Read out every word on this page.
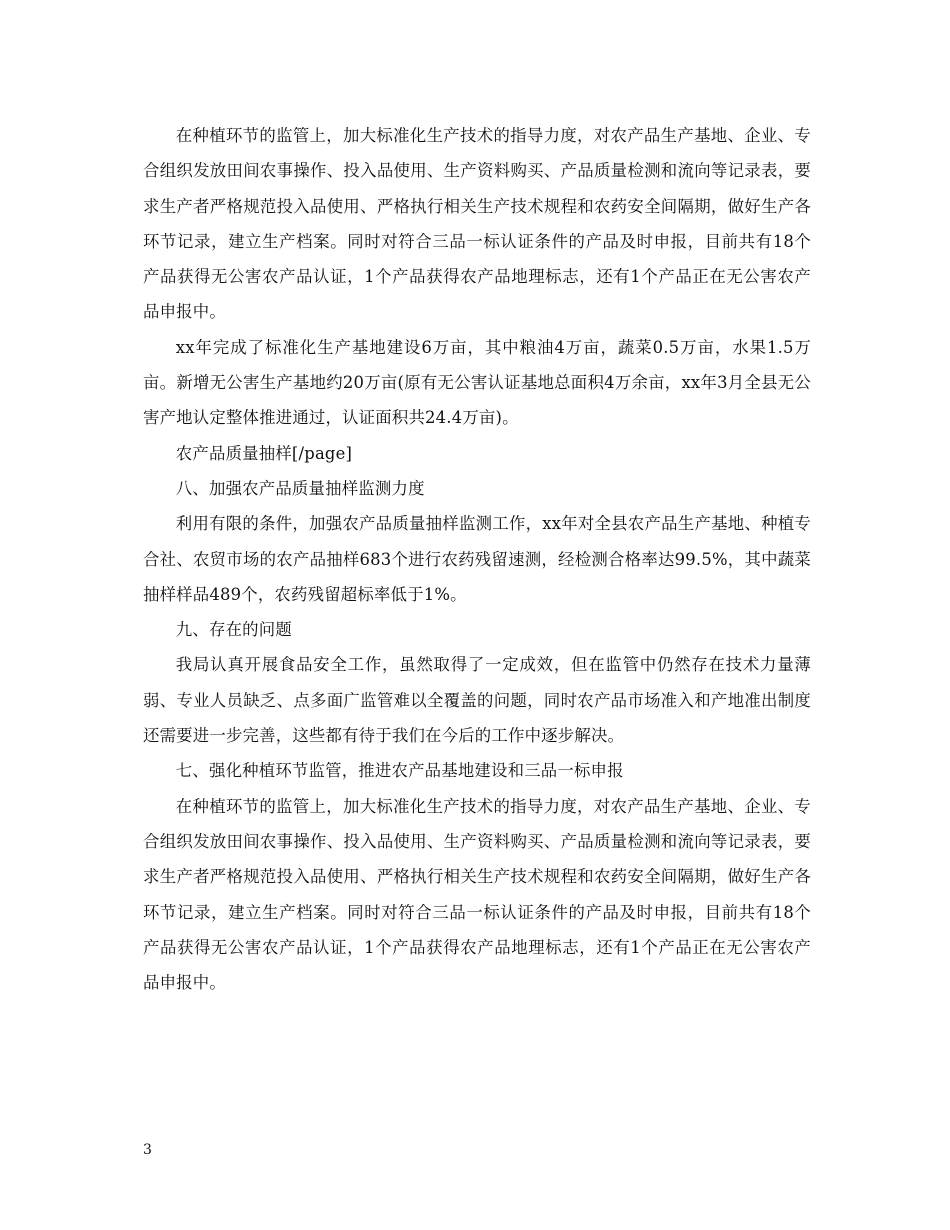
在种植环节的监管上，加大标准化生产技术的指导力度，对农产品生产基地、企业、专合组织发放田间农事操作、投入品使用、生产资料购买、产品质量检测和流向等记录表，要求生产者严格规范投入品使用、严格执行相关生产技术规程和农药安全间隔期，做好生产各环节记录，建立生产档案。同时对符合三品一标认证条件的产品及时申报，目前共有18个产品获得无公害农产品认证，1个产品获得农产品地理标志，还有1个产品正在无公害农产品申报中。

xx年完成了标准化生产基地建设6万亩，其中粮油4万亩，蔬菜0.5万亩，水果1.5万亩。新增无公害生产基地约20万亩(原有无公害认证基地总面积4万余亩，xx年3月全县无公害产地认定整体推进通过，认证面积共24.4万亩)。

农产品质量抽样[/page]

八、加强农产品质量抽样监测力度

利用有限的条件，加强农产品质量抽样监测工作，xx年对全县农产品生产基地、种植专合社、农贸市场的农产品抽样683个进行农药残留速测，经检测合格率达99.5%，其中蔬菜抽样样品489个，农药残留超标率低于1%。

九、存在的问题

我局认真开展食品安全工作，虽然取得了一定成效，但在监管中仍然存在技术力量薄弱、专业人员缺乏、点多面广监管难以全覆盖的问题，同时农产品市场准入和产地准出制度还需要进一步完善，这些都有待于我们在今后的工作中逐步解决。

七、强化种植环节监管，推进农产品基地建设和三品一标申报

在种植环节的监管上，加大标准化生产技术的指导力度，对农产品生产基地、企业、专合组织发放田间农事操作、投入品使用、生产资料购买、产品质量检测和流向等记录表，要求生产者严格规范投入品使用、严格执行相关生产技术规程和农药安全间隔期，做好生产各环节记录，建立生产档案。同时对符合三品一标认证条件的产品及时申报，目前共有18个产品获得无公害农产品认证，1个产品获得农产品地理标志，还有1个产品正在无公害农产品申报中。

3
